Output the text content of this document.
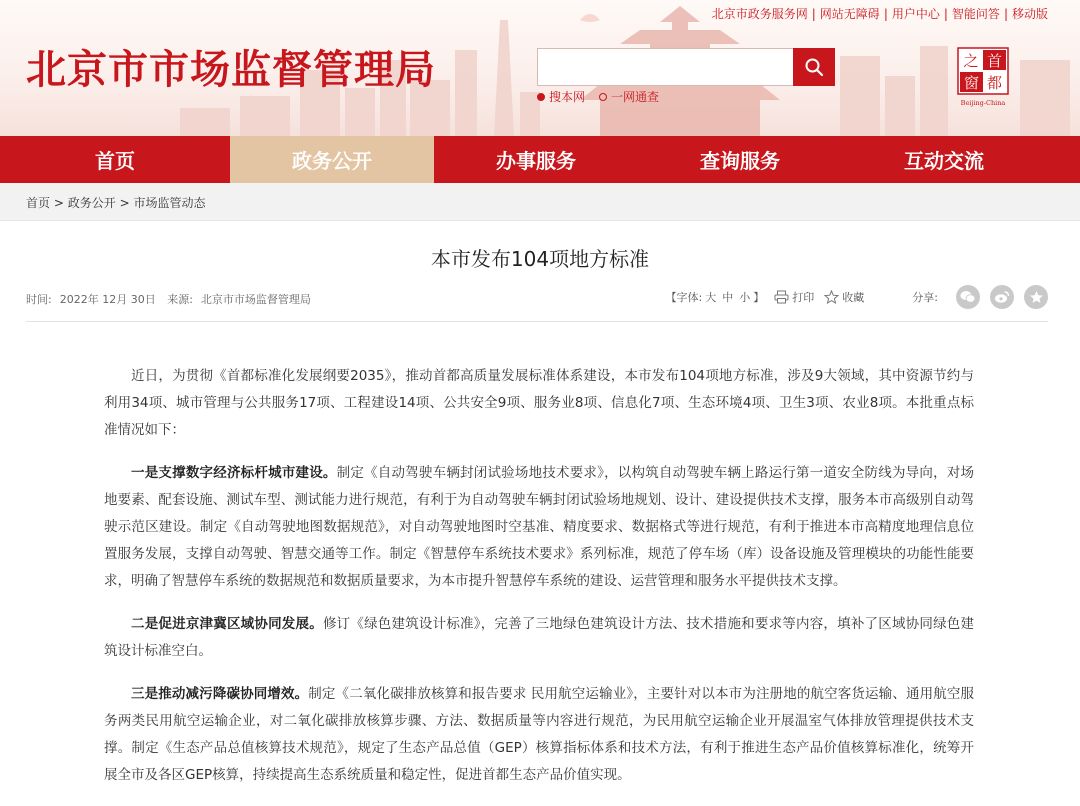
北京市政务服务网 | 网站无障碍 | 用户中心 | 智能问答 | 移动版
北京市市场监督管理局
搜本网 一网通查
之 首
窗 都
Beijing-China
首页	政务公开	办事服务	查询服务	互动交流
首页 > 政务公开 > 市场监管动态
本市发布104项地方标准
时间: 2022年 12月 30日 来源: 北京市市场监督管理局	【字体: 大 中 小 】	打印	收藏	分享:

近日，为贯彻《首都标准化发展纲要2035》，推动首都高质量发展标准体系建设，本市发布104项地方标准，涉及9大领域，其中资源节约与利用34项、城市管理与公共服务17项、工程建设14项、公共安全9项、服务业8项、信息化7项、生态环境4项、卫生3项、农业8项。本批重点标准情况如下：

一是支撑数字经济标杆城市建设。制定《自动驾驶车辆封闭试验场地技术要求》，以构筑自动驾驶车辆上路运行第一道安全防线为导向，对场地要素、配套设施、测试车型、测试能力进行规范，有利于为自动驾驶车辆封闭试验场地规划、设计、建设提供技术支撑，服务本市高级别自动驾驶示范区建设。制定《自动驾驶地图数据规范》，对自动驾驶地图时空基准、精度要求、数据格式等进行规范，有利于推进本市高精度地理信息位置服务发展，支撑自动驾驶、智慧交通等工作。制定《智慧停车系统技术要求》系列标准，规范了停车场（库）设备设施及管理模块的功能性能要求，明确了智慧停车系统的数据规范和数据质量要求，为本市提升智慧停车系统的建设、运营管理和服务水平提供技术支撑。

二是促进京津冀区域协同发展。修订《绿色建筑设计标准》，完善了三地绿色建筑设计方法、技术措施和要求等内容，填补了区域协同绿色建筑设计标准空白。

三是推动减污降碳协同增效。制定《二氧化碳排放核算和报告要求 民用航空运输业》，主要针对以本市为注册地的航空客货运输、通用航空服务两类民用航空运输企业，对二氧化碳排放核算步骤、方法、数据质量等内容进行规范，为民用航空运输企业开展温室气体排放管理提供技术支撑。制定《生态产品总值核算技术规范》，规定了生态产品总值（GEP）核算指标体系和技术方法，有利于推进生态产品价值核算标准化，统筹开展全市及各区GEP核算，持续提高生态系统质量和稳定性，促进首都生态产品价值实现。
